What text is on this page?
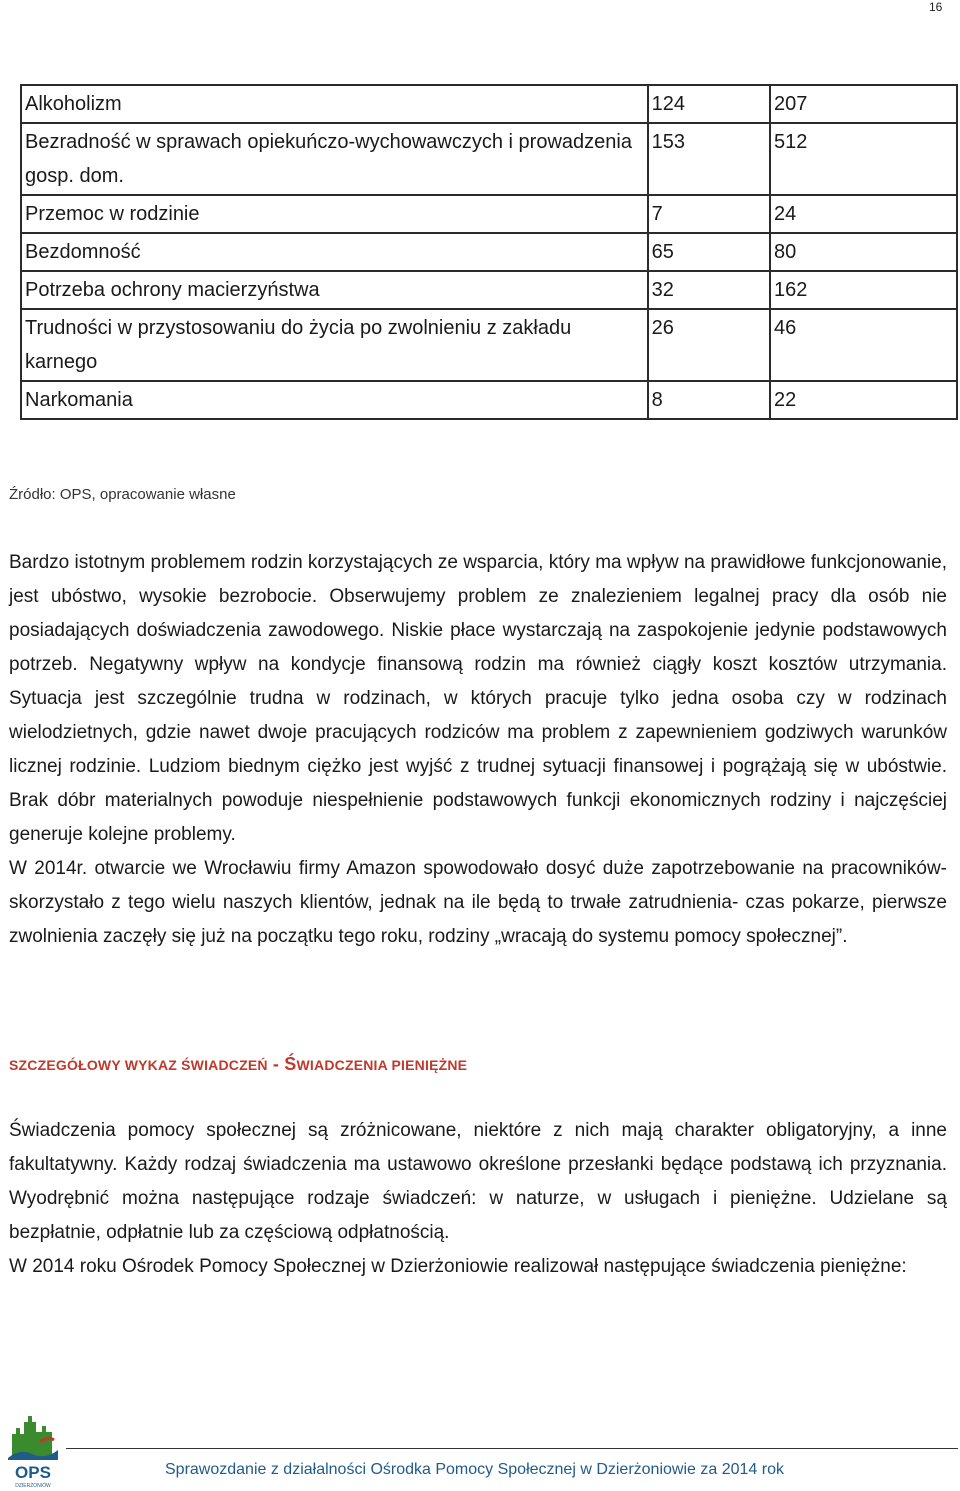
16
Alkoholizm	124	207
Bezradność w sprawach opiekuńczo-wychowawczych i prowadzenia gosp. dom.	153	512
Przemoc w rodzinie	7	24
Bezdomność	65	80
Potrzeba ochrony macierzyństwa	32	162
Trudności w przystosowaniu do życia po zwolnieniu z zakładu karnego	26	46
Narkomania	8	22
Źródło: OPS, opracowanie własne

Bardzo istotnym problemem rodzin korzystających ze wsparcia, który ma wpływ na prawidłowe funkcjonowanie, jest ubóstwo, wysokie bezrobocie. Obserwujemy problem ze znalezieniem legalnej pracy dla osób nie posiadających doświadczenia zawodowego. Niskie płace wystarczają na zaspokojenie jedynie podstawowych potrzeb. Negatywny wpływ na kondycje finansową rodzin ma również ciągły koszt kosztów utrzymania. Sytuacja jest szczególnie trudna w rodzinach, w których pracuje tylko jedna osoba czy w rodzinach wielodzietnych, gdzie nawet dwoje pracujących rodziców ma problem z zapewnieniem godziwych warunków licznej rodzinie. Ludziom biednym ciężko jest wyjść z trudnej sytuacji finansowej i pogrążają się w ubóstwie. Brak dóbr materialnych powoduje niespełnienie podstawowych funkcji ekonomicznych rodziny i najczęściej generuje kolejne problemy.

W 2014r. otwarcie we Wrocławiu firmy Amazon spowodowało dosyć duże zapotrzebowanie na pracowników- skorzystało z tego wielu naszych klientów, jednak na ile będą to trwałe zatrudnienia- czas pokarze, pierwsze zwolnienia zaczęły się już na początku tego roku, rodziny „wracają do systemu pomocy społecznej”.

SZCZEGÓŁOWY WYKAZ ŚWIADCZEŃ - ŚWIADCZENIA PIENIĘŻNE

Świadczenia pomocy społecznej są zróżnicowane, niektóre z nich mają charakter obligatoryjny, a inne fakultatywny. Każdy rodzaj świadczenia ma ustawowo określone przesłanki będące podstawą ich przyznania. Wyodrębnić można następujące rodzaje świadczeń: w naturze, w usługach i pieniężne. Udzielane są bezpłatnie, odpłatnie lub za częściową odpłatnością.

W 2014 roku Ośrodek Pomocy Społecznej w Dzierżoniowie realizował następujące świadczenia pieniężne:

OPS
DZIERŻONIÓW
Sprawozdanie z działalności Ośrodka Pomocy Społecznej w Dzierżoniowie za 2014 rok
